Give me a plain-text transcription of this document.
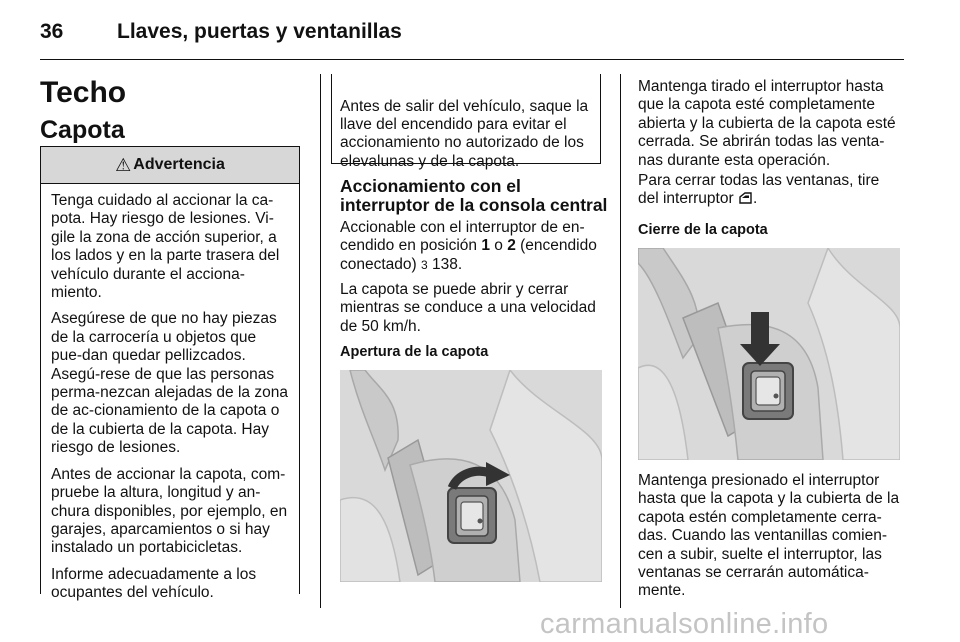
36	Llaves, puertas y ventanillas
Techo
Capota
⚠ Advertencia

Tenga cuidado al accionar la ca-pota. Hay riesgo de lesiones. Vi-gile la zona de acción superior, a los lados y en la parte trasera del vehículo durante el acciona-miento.

Asegúrese de que no hay piezas de la carrocería u objetos que pue-dan quedar pellizcados. Asegú-rese de que las personas perma-nezcan alejadas de la zona de ac-cionamiento de la capota o de la cubierta de la capota. Hay riesgo de lesiones.

Antes de accionar la capota, com-pruebe la altura, longitud y an-chura disponibles, por ejemplo, en garajes, aparcamientos o si hay instalado un portabicicletas.

Informe adecuadamente a los ocupantes del vehículo.

Antes de salir del vehículo, saque la llave del encendido para evitar el accionamiento no autorizado de los elevalunas y de la capota.

Accionamiento con el interruptor de la consola central

Accionable con el interruptor de en-cendido en posición 1 o 2 (encendido conectado) 3 138.

La capota se puede abrir y cerrar mientras se conduce a una velocidad de 50 km/h.

Apertura de la capota

Mantenga tirado el interruptor hasta que la capota esté completamente abierta y la cubierta de la capota esté cerrada. Se abrirán todas las venta-nas durante esta operación.

Para cerrar todas las ventanas, tire del interruptor .

Cierre de la capota

Mantenga presionado el interruptor hasta que la capota y la cubierta de la capota estén completamente cerra-das. Cuando las ventanillas comien-cen a subir, suelte el interruptor, las ventanas se cerrarán automática-mente.

carmanualsonline.info
